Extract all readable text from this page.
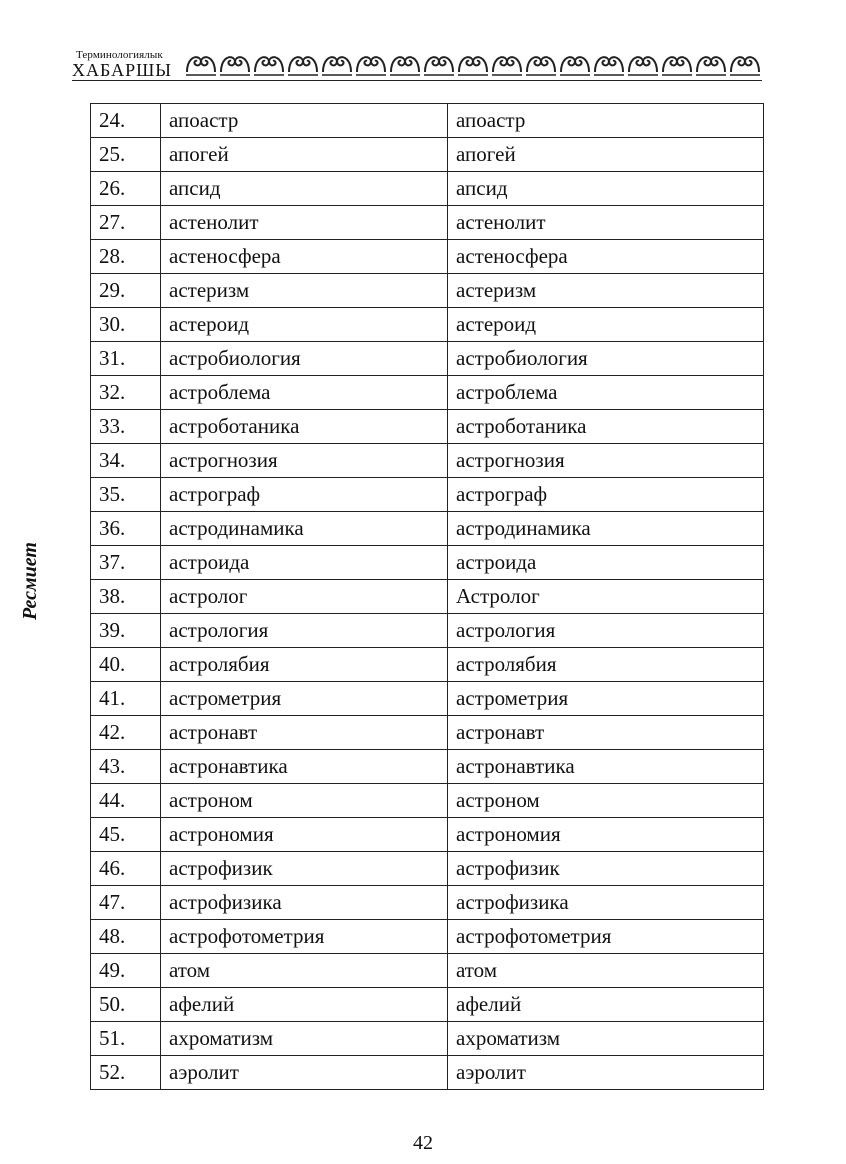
Терминологиялык
ХАБАРШЫ
Ресмиет
24.	апоастр	апоастр
25.	апогей	апогей
26.	апсид	апсид
27.	астенолит	астенолит
28.	астеносфера	астеносфера
29.	астеризм	астеризм
30.	астероид	астероид
31.	астробиология	астробиология
32.	астроблема	астроблема
33.	астроботаника	астроботаника
34.	астрогнозия	астрогнозия
35.	астрограф	астрограф
36.	астродинамика	астродинамика
37.	астроида	астроида
38.	астролог	Астролог
39.	астрология	астрология
40.	астролябия	астролябия
41.	астрометрия	астрометрия
42.	астронавт	астронавт
43.	астронавтика	астронавтика
44.	астроном	астроном
45.	астрономия	астрономия
46.	астрофизик	астрофизик
47.	астрофизика	астрофизика
48.	астрофотометрия	астрофотометрия
49.	атом	атом
50.	афелий	афелий
51.	ахроматизм	ахроматизм
52.	аэролит	аэролит
42
